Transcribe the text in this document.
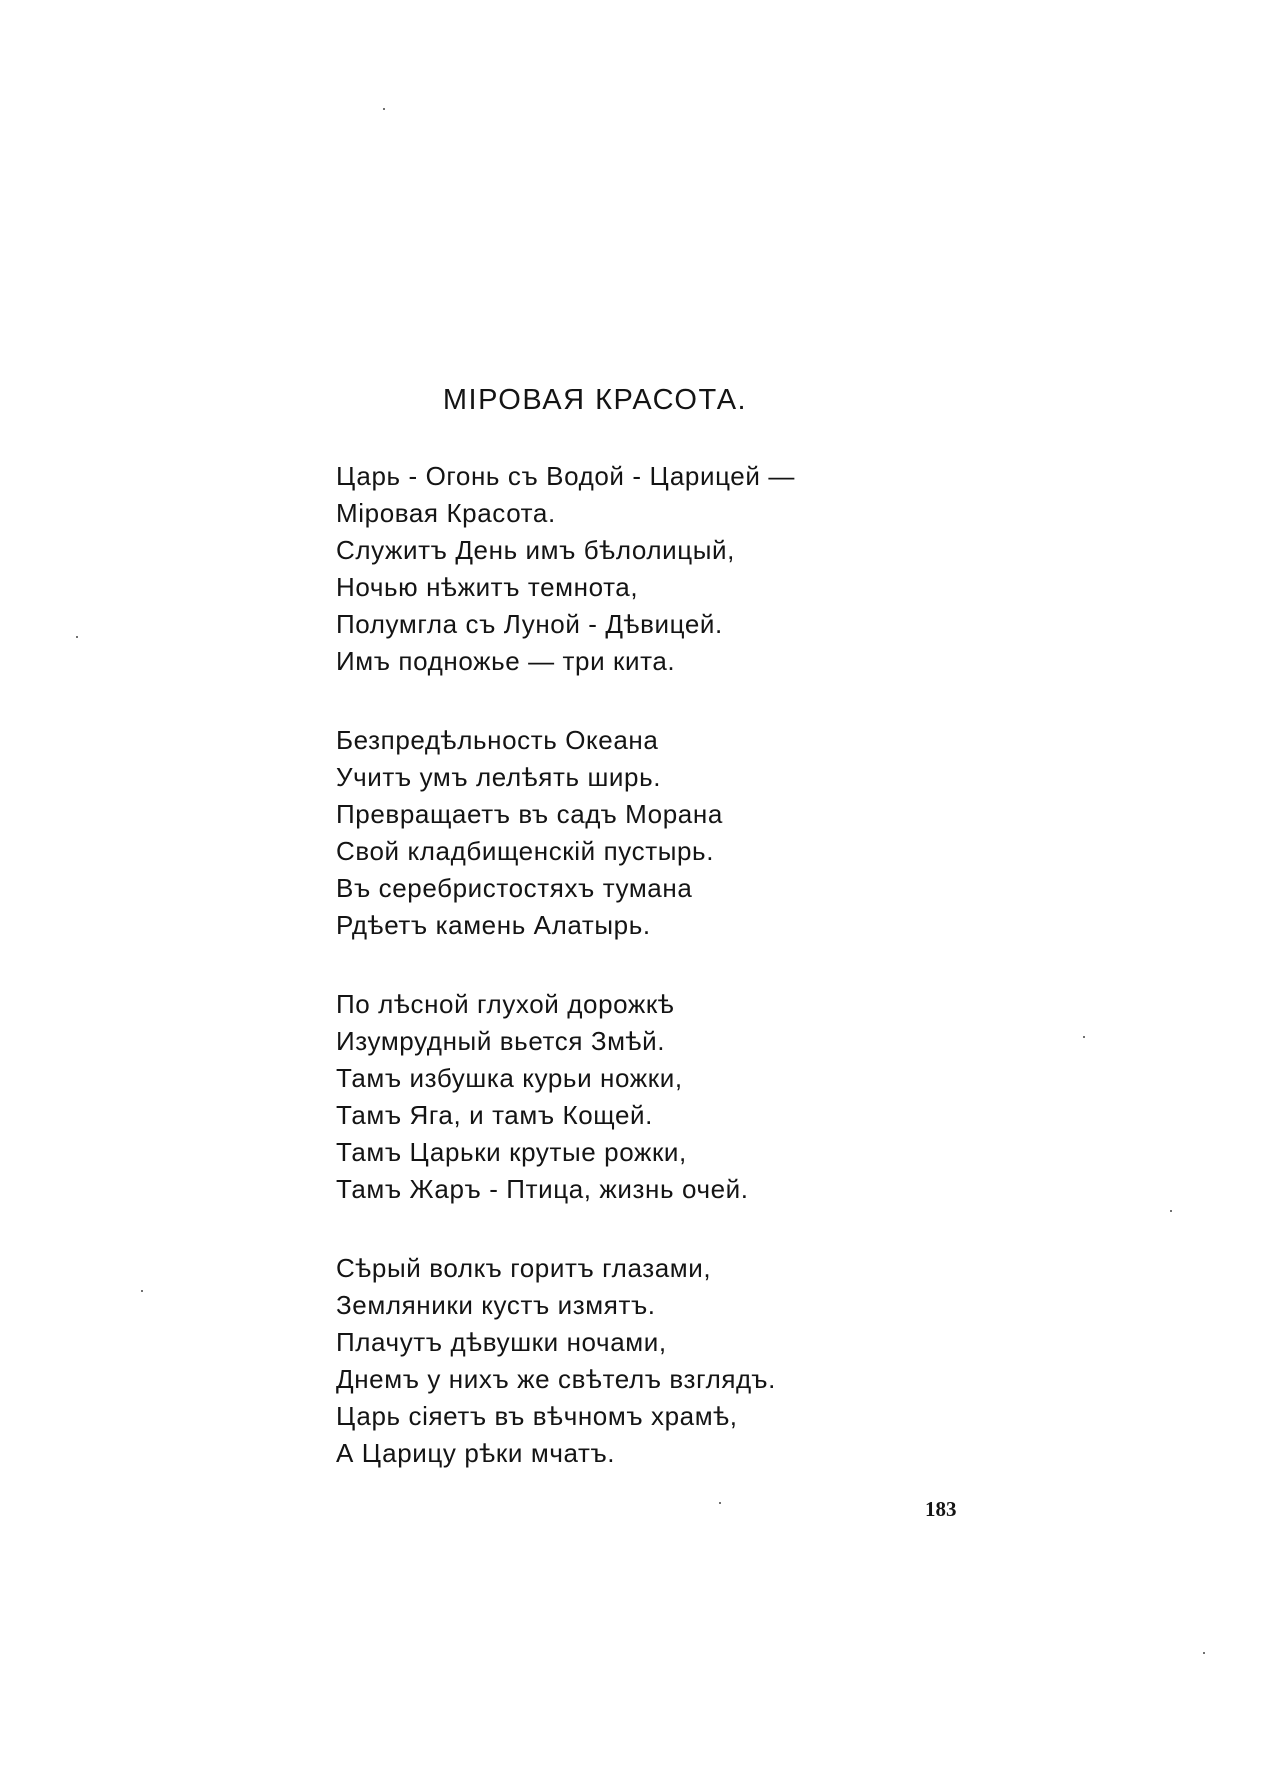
МІРОВАЯ КРАСОТА.
Царь - Огонь съ Водой - Царицей —
Міровая Красота.
Служитъ День имъ бѣлолицый,
Ночью нѣжитъ темнота,
Полумгла съ Луной - Дѣвицей.
Имъ подножье — три кита.
Безпредѣльность Океана
Учитъ умъ лелѣять ширь.
Превращаетъ въ садъ Морана
Свой кладбищенскій пустырь.
Въ серебристостяхъ тумана
Рдѣетъ камень Алатырь.
По лѣсной глухой дорожкѣ
Изумрудный вьется Змѣй.
Тамъ избушка курьи ножки,
Тамъ Яга, и тамъ Кощей.
Тамъ Царьки крутые рожки,
Тамъ Жаръ - Птица, жизнь очей.
Сѣрый волкъ горитъ глазами,
Земляники кустъ измятъ.
Плачутъ дѣвушки ночами,
Днемъ у нихъ же свѣтелъ взглядъ.
Царь сіяетъ въ вѣчномъ храмѣ,
А Царицу рѣки мчатъ.
183
